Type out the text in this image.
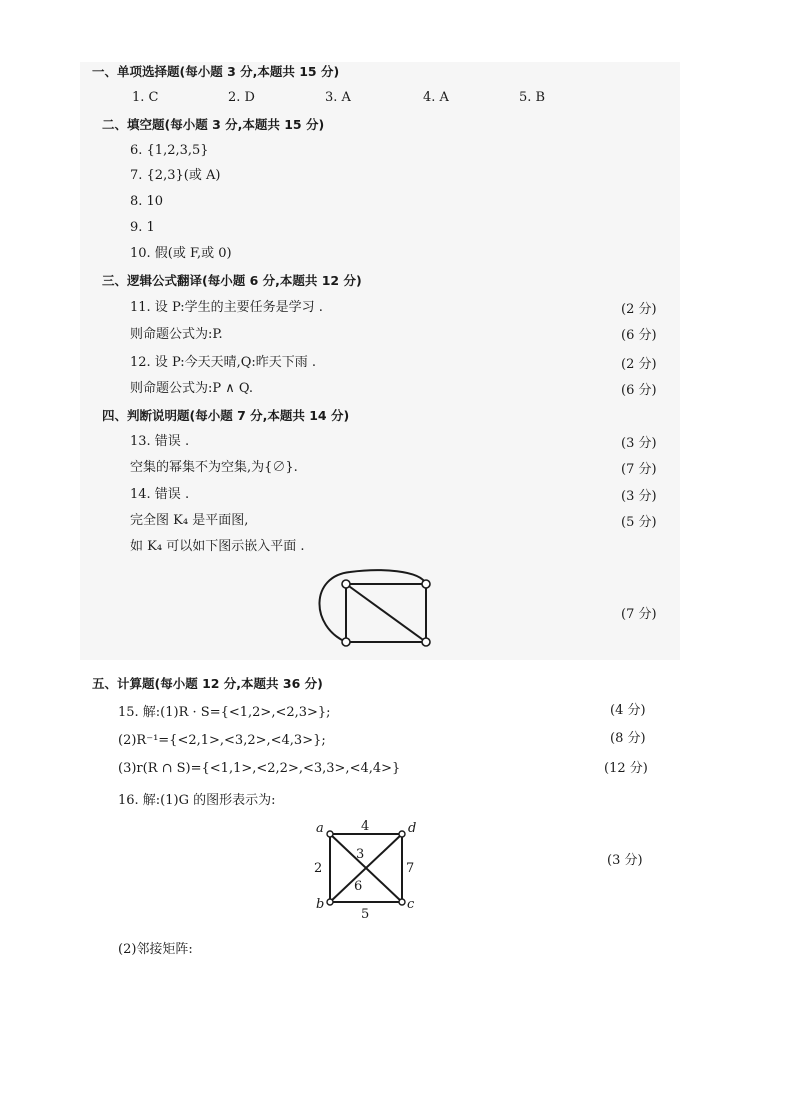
一、单项选择题(每小题 3 分,本题共 15 分)
1. C	2. D	3. A	4. A	5. B
二、填空题(每小题 3 分,本题共 15 分)
6. {1,2,3,5}
7. {2,3}(或 A)
8. 10
9. 1
10. 假(或 F,或 0)
三、逻辑公式翻译(每小题 6 分,本题共 12 分)
11. 设 P:学生的主要任务是学习 .	(2 分)
则命题公式为:P.	(6 分)
12. 设 P:今天天晴,Q:昨天下雨 .	(2 分)
则命题公式为:P ∧ Q.	(6 分)
四、判断说明题(每小题 7 分,本题共 14 分)
13. 错误 .	(3 分)
空集的幂集不为空集,为{∅}.	(7 分)
14. 错误 .	(3 分)
完全图 K₄ 是平面图,	(5 分)
如 K₄ 可以如下图示嵌入平面 .
(7 分)
五、计算题(每小题 12 分,本题共 36 分)
15. 解:(1)R · S={<1,2>,<2,3>};	(4 分)
(2)R⁻¹={<2,1>,<3,2>,<4,3>};	(8 分)
(3)r(R ∩ S)={<1,1>,<2,2>,<3,3>,<4,4>}	(12 分)
16. 解:(1)G 的图形表示为:
a	d
b	c
4
2	7
5
3
6
(3 分)
(2)邻接矩阵:
